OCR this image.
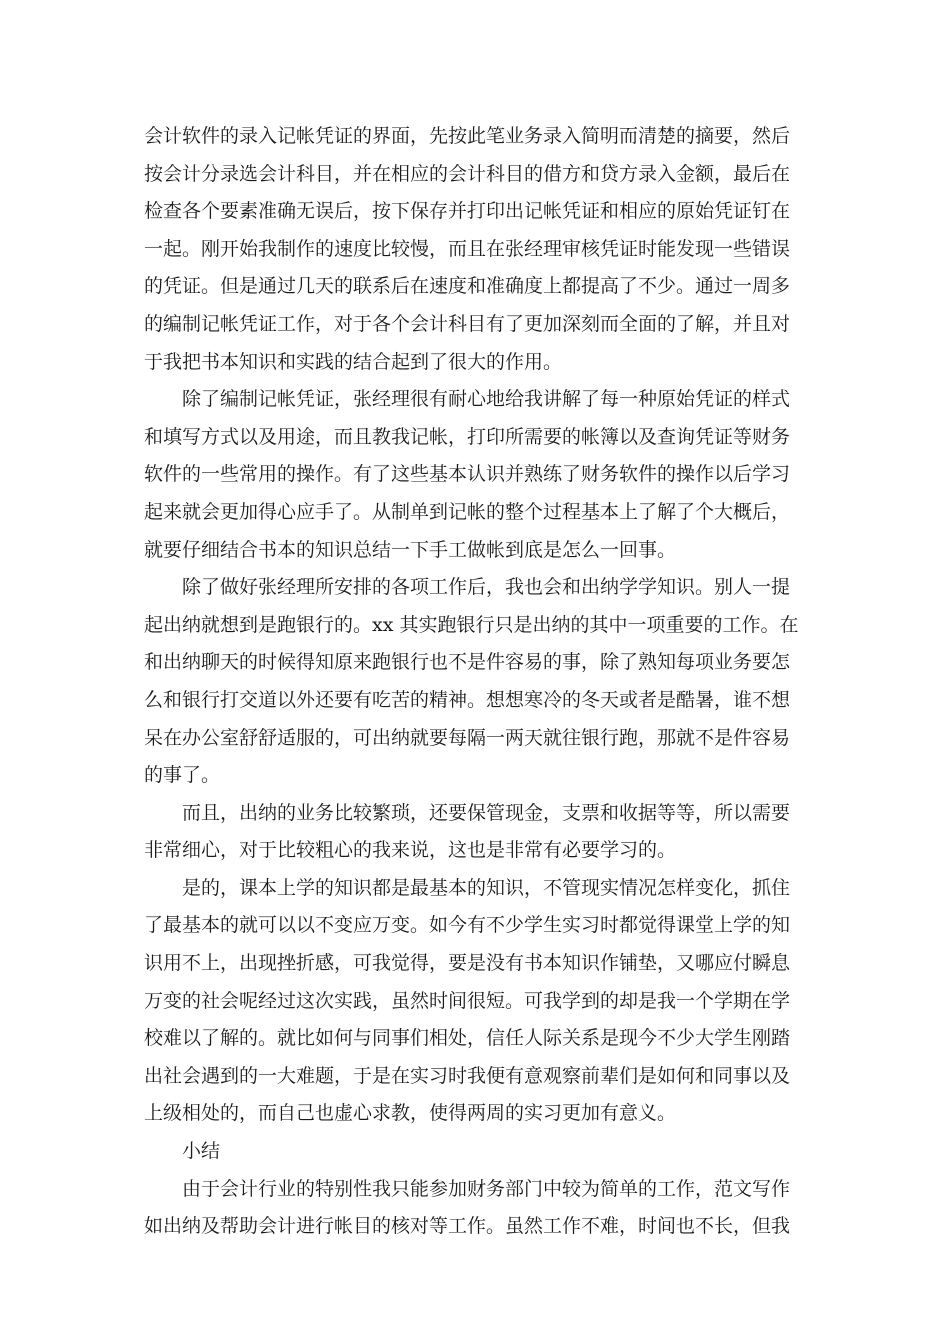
会计软件的录入记帐凭证的界面，先按此笔业务录入简明而清楚的摘要，然后
按会计分录选会计科目，并在相应的会计科目的借方和贷方录入金额，最后在
检查各个要素准确无误后，按下保存并打印出记帐凭证和相应的原始凭证钉在
一起。刚开始我制作的速度比较慢，而且在张经理审核凭证时能发现一些错误
的凭证。但是通过几天的联系后在速度和准确度上都提高了不少。通过一周多
的编制记帐凭证工作，对于各个会计科目有了更加深刻而全面的了解，并且对
于我把书本知识和实践的结合起到了很大的作用。
除了编制记帐凭证，张经理很有耐心地给我讲解了每一种原始凭证的样式
和填写方式以及用途，而且教我记帐，打印所需要的帐簿以及查询凭证等财务
软件的一些常用的操作。有了这些基本认识并熟练了财务软件的操作以后学习
起来就会更加得心应手了。从制单到记帐的整个过程基本上了解了个大概后，
就要仔细结合书本的知识总结一下手工做帐到底是怎么一回事。
除了做好张经理所安排的各项工作后，我也会和出纳学学知识。别人一提
起出纳就想到是跑银行的。xx 其实跑银行只是出纳的其中一项重要的工作。在
和出纳聊天的时候得知原来跑银行也不是件容易的事，除了熟知每项业务要怎
么和银行打交道以外还要有吃苦的精神。想想寒冷的冬天或者是酷暑，谁不想
呆在办公室舒舒适服的，可出纳就要每隔一两天就往银行跑，那就不是件容易
的事了。
而且，出纳的业务比较繁琐，还要保管现金，支票和收据等等，所以需要
非常细心，对于比较粗心的我来说，这也是非常有必要学习的。
是的，课本上学的知识都是最基本的知识，不管现实情况怎样变化，抓住
了最基本的就可以以不变应万变。如今有不少学生实习时都觉得课堂上学的知
识用不上，出现挫折感，可我觉得，要是没有书本知识作铺垫，又哪应付瞬息
万变的社会呢经过这次实践，虽然时间很短。可我学到的却是我一个学期在学
校难以了解的。就比如何与同事们相处，信任人际关系是现今不少大学生刚踏
出社会遇到的一大难题，于是在实习时我便有意观察前辈们是如何和同事以及
上级相处的，而自己也虚心求教，使得两周的实习更加有意义。
小结
由于会计行业的特别性我只能参加财务部门中较为简单的工作，范文写作
如出纳及帮助会计进行帐目的核对等工作。虽然工作不难，时间也不长，但我
